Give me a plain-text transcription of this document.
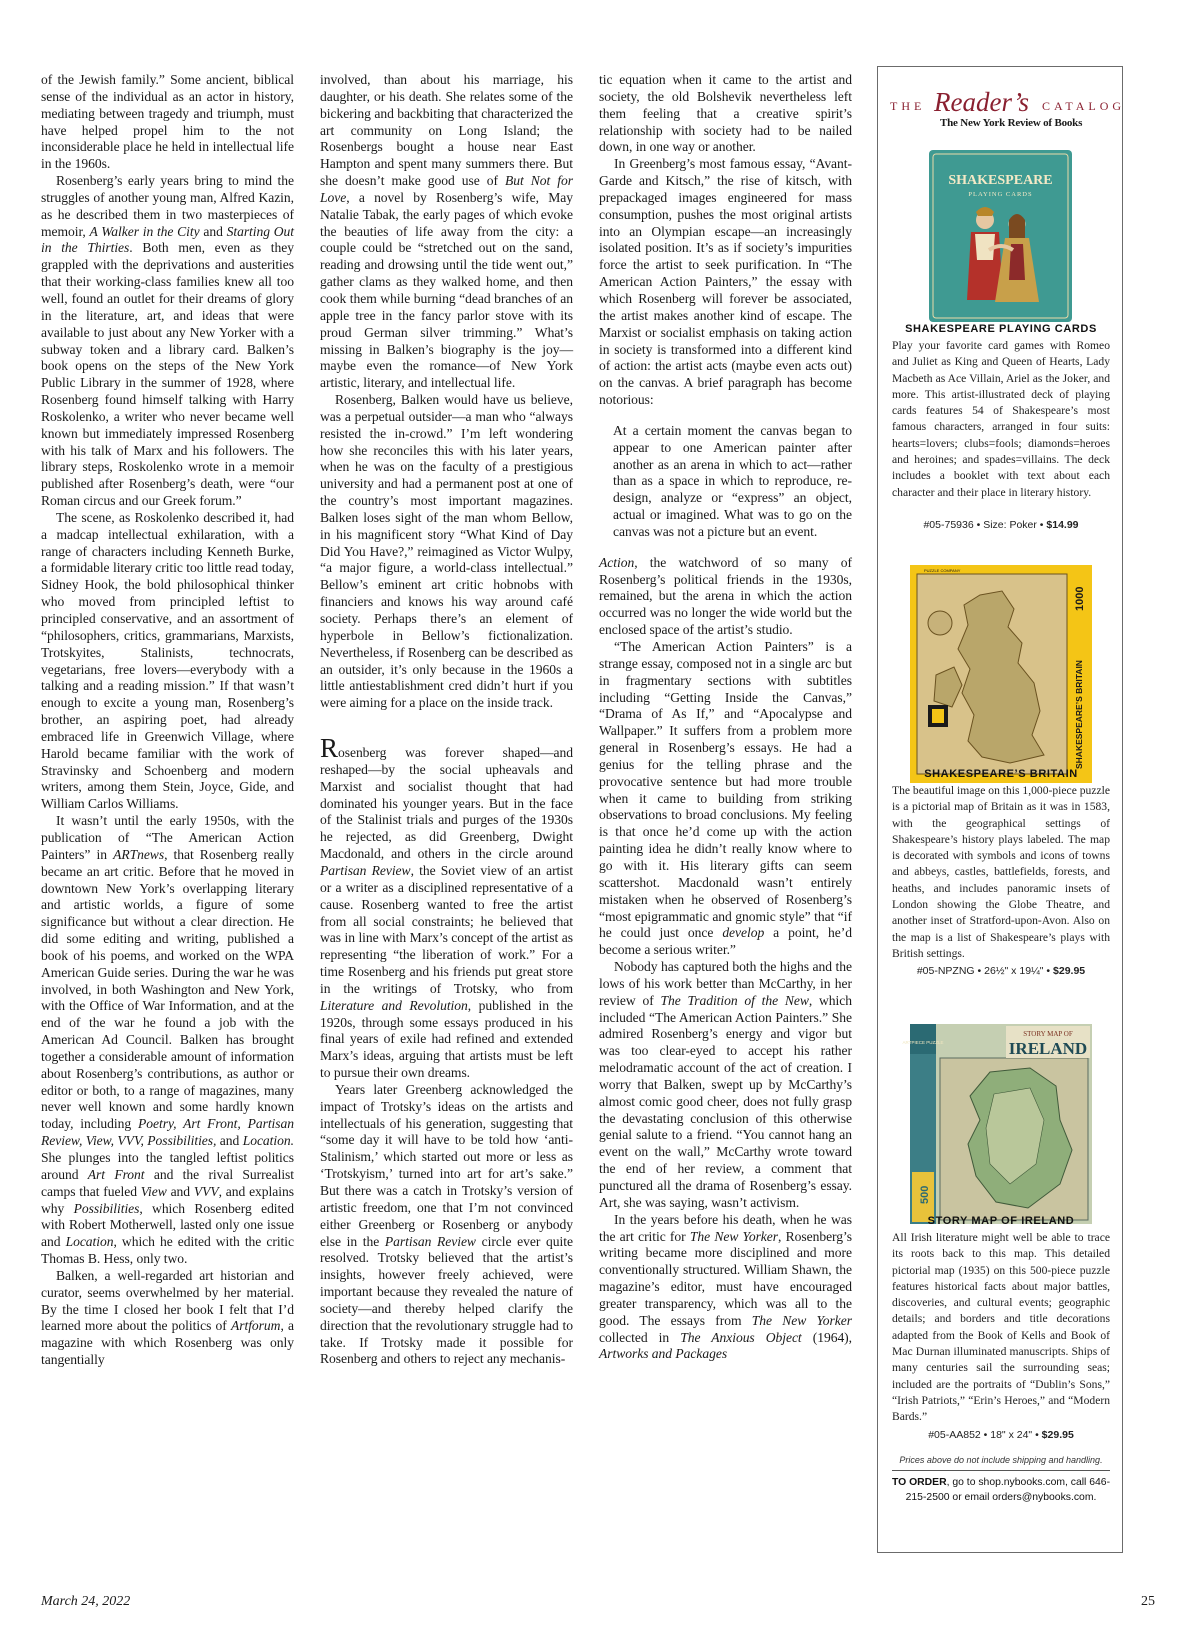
of the Jewish family.” Some ancient, biblical sense of the individual as an actor in history, mediating between tragedy and triumph, must have helped propel him to the not inconsiderable place he held in intellectual life in the 1960s.

Rosenberg’s early years bring to mind the struggles of another young man, Alfred Kazin, as he described them in two masterpieces of memoir, A Walker in the City and Starting Out in the Thirties. Both men, even as they grappled with the deprivations and austerities that their working-class families knew all too well, found an outlet for their dreams of glory in the literature, art, and ideas that were available to just about any New Yorker with a subway token and a library card. Balken’s book opens on the steps of the New York Public Library in the summer of 1928, where Rosenberg found himself talking with Harry Roskolenko, a writer who never became well known but immediately impressed Rosenberg with his talk of Marx and his followers. The library steps, Roskolenko wrote in a memoir published after Rosenberg’s death, were “our Roman circus and our Greek forum.”

The scene, as Roskolenko described it, had a madcap intellectual exhilaration, with a range of characters including Kenneth Burke, a formidable literary critic too little read today, Sidney Hook, the bold philosophical thinker who moved from principled leftist to principled conservative, and an assortment of “philosophers, critics, grammarians, Marxists, Trotskyites, Stalinists, technocrats, vegetarians, free lovers—everybody with a talking and a reading mission.” If that wasn’t enough to excite a young man, Rosenberg’s brother, an aspiring poet, had already embraced life in Greenwich Village, where Harold became familiar with the work of Stravinsky and Schoenberg and modern writers, among them Stein, Joyce, Gide, and William Carlos Williams.

It wasn’t until the early 1950s, with the publication of “The American Action Painters” in ARTnews, that Rosenberg really became an art critic. Before that he moved in downtown New York’s overlapping literary and artistic worlds, a figure of some significance but without a clear direction. He did some editing and writing, published a book of his poems, and worked on the WPA American Guide series. During the war he was involved, in both Washington and New York, with the Office of War Information, and at the end of the war he found a job with the American Ad Council. Balken has brought together a considerable amount of information about Rosenberg’s contributions, as author or editor or both, to a range of magazines, many never well known and some hardly known today, including Poetry, Art Front, Partisan Review, View, VVV, Possibilities, and Location. She plunges into the tangled leftist politics around Art Front and the rival Surrealist camps that fueled View and VVV, and explains why Possibilities, which Rosenberg edited with Robert Motherwell, lasted only one issue and Location, which he edited with the critic Thomas B. Hess, only two.

Balken, a well-regarded art historian and curator, seems overwhelmed by her material. By the time I closed her book I felt that I’d learned more about the politics of Artforum, a magazine with which Rosenberg was only tangentially

involved, than about his marriage, his daughter, or his death. She relates some of the bickering and backbiting that characterized the art community on Long Island; the Rosenbergs bought a house near East Hampton and spent many summers there. But she doesn’t make good use of But Not for Love, a novel by Rosenberg’s wife, May Natalie Tabak, the early pages of which evoke the beauties of life away from the city: a couple could be “stretched out on the sand, reading and drowsing until the tide went out,” gather clams as they walked home, and then cook them while burning “dead branches of an apple tree in the fancy parlor stove with its proud German silver trimming.” What’s missing in Balken’s biography is the joy—maybe even the romance—of New York artistic, literary, and intellectual life.

Rosenberg, Balken would have us believe, was a perpetual outsider—a man who “always resisted the in-crowd.” I’m left wondering how she reconciles this with his later years, when he was on the faculty of a prestigious university and had a permanent post at one of the country’s most important magazines. Balken loses sight of the man whom Bellow, in his magnificent story “What Kind of Day Did You Have?,” reimagined as Victor Wulpy, “a major figure, a world-class intellectual.” Bellow’s eminent art critic hobnobs with financiers and knows his way around café society. Perhaps there’s an element of hyperbole in Bellow’s fictionalization. Nevertheless, if Rosenberg can be described as an outsider, it’s only because in the 1960s a little antiestablishment cred didn’t hurt if you were aiming for a place on the inside track.

Rosenberg was forever shaped—and reshaped—by the social upheavals and Marxist and socialist thought that had dominated his younger years. But in the face of the Stalinist trials and purges of the 1930s he rejected, as did Greenberg, Dwight Macdonald, and others in the circle around Partisan Review, the Soviet view of an artist or a writer as a disciplined representative of a cause. Rosenberg wanted to free the artist from all social constraints; he believed that was in line with Marx’s concept of the artist as representing “the liberation of work.” For a time Rosenberg and his friends put great store in the writings of Trotsky, who from Literature and Revolution, published in the 1920s, through some essays produced in his final years of exile had refined and extended Marx’s ideas, arguing that artists must be left to pursue their own dreams.

Years later Greenberg acknowledged the impact of Trotsky’s ideas on the artists and intellectuals of his generation, suggesting that “some day it will have to be told how ‘anti-Stalinism,’ which started out more or less as ‘Trotskyism,’ turned into art for art’s sake.” But there was a catch in Trotsky’s version of artistic freedom, one that I’m not convinced either Greenberg or Rosenberg or anybody else in the Partisan Review circle ever quite resolved. Trotsky believed that the artist’s insights, however freely achieved, were important because they revealed the nature of society—and thereby helped clarify the direction that the revolutionary struggle had to take. If Trotsky made it possible for Rosenberg and others to reject any mechanis-

tic equation when it came to the artist and society, the old Bolshevik nevertheless left them feeling that a creative spirit’s relationship with society had to be nailed down, in one way or another.

In Greenberg’s most famous essay, “Avant-Garde and Kitsch,” the rise of kitsch, with prepackaged images engineered for mass consumption, pushes the most original artists into an Olympian escape—an increasingly isolated position. It’s as if society’s impurities force the artist to seek purification. In “The American Action Painters,” the essay with which Rosenberg will forever be associated, the artist makes another kind of escape. The Marxist or socialist emphasis on taking action in society is transformed into a different kind of action: the artist acts (maybe even acts out) on the canvas. A brief paragraph has become notorious:

At a certain moment the canvas began to appear to one American painter after another as an arena in which to act—rather than as a space in which to reproduce, re-design, analyze or “express” an object, actual or imagined. What was to go on the canvas was not a picture but an event.

Action, the watchword of so many of Rosenberg’s political friends in the 1930s, remained, but the arena in which the action occurred was no longer the wide world but the enclosed space of the artist’s studio.

“The American Action Painters” is a strange essay, composed not in a single arc but in fragmentary sections with subtitles including “Getting Inside the Canvas,” “Drama of As If,” and “Apocalypse and Wallpaper.” It suffers from a problem more general in Rosenberg’s essays. He had a genius for the telling phrase and the provocative sentence but had more trouble when it came to building from striking observations to broad conclusions. My feeling is that once he’d come up with the action painting idea he didn’t really know where to go with it. His literary gifts can seem scattershot. Macdonald wasn’t entirely mistaken when he observed of Rosenberg’s “most epigrammatic and gnomic style” that “if he could just once develop a point, he’d become a serious writer.”

Nobody has captured both the highs and the lows of his work better than McCarthy, in her review of The Tradition of the New, which included “The American Action Painters.” She admired Rosenberg’s energy and vigor but was too clear-eyed to accept his rather melodramatic account of the act of creation. I worry that Balken, swept up by McCarthy’s almost comic good cheer, does not fully grasp the devastating conclusion of this otherwise genial salute to a friend. “You cannot hang an event on the wall,” McCarthy wrote toward the end of her review, a comment that punctured all the drama of Rosenberg’s essay. Art, she was saying, wasn’t activism.

In the years before his death, when he was the art critic for The New Yorker, Rosenberg’s writing became more disciplined and more conventionally structured. William Shawn, the magazine’s editor, must have encouraged greater transparency, which was all to the good. The essays from The New Yorker collected in The Anxious Object (1964), Artworks and Packages

THE Reader’s CATALOG
The New York Review of Books
SHAKESPEARE
PLAYING CARDS
SHAKESPEARE PLAYING CARDS
Play your favorite card games with Romeo and Juliet as King and Queen of Hearts, Lady Macbeth as Ace Villain, Ariel as the Joker, and more. This artist-illustrated deck of playing cards features 54 of Shakespeare’s most famous characters, arranged in four suits: hearts=lovers; clubs=fools; diamonds=heroes and heroines; and spades=villains. The deck includes a booklet with text about each character and their place in literary history.
#05-75936 • Size: Poker • $14.99
1000
SHAKESPEARE’S BRITAIN
PUZZLE COMPANY
SHAKESPEARE’S BRITAIN
The beautiful image on this 1,000-piece puzzle is a pictorial map of Britain as it was in 1583, with the geographical settings of Shakespeare’s history plays labeled. The map is decorated with symbols and icons of towns and abbeys, castles, battlefields, forests, and heaths, and includes panoramic insets of London showing the Globe Theatre, and another inset of Stratford-upon-Avon. Also on the map is a list of Shakespeare’s plays with British settings.
#05-NPZNG • 26½" x 19¼" • $29.95
STORY MAP OF
IRELAND
ARTPIECE PUZZLE
500
STORY MAP OF IRELAND
All Irish literature might well be able to trace its roots back to this map. This detailed pictorial map (1935) on this 500-piece puzzle features historical facts about major battles, discoveries, and cultural events; geographic details; and borders and title decorations adapted from the Book of Kells and Book of Mac Durnan illuminated manuscripts. Ships of many centuries sail the surrounding seas; included are the portraits of “Dublin’s Sons,” “Irish Patriots,” “Erin’s Heroes,” and “Modern Bards.”
#05-AA852 • 18" x 24" • $29.95
Prices above do not include shipping and handling.
TO ORDER, go to shop.nybooks.com, call 646-215-2500 or email orders@nybooks.com.
March 24, 2022	25
